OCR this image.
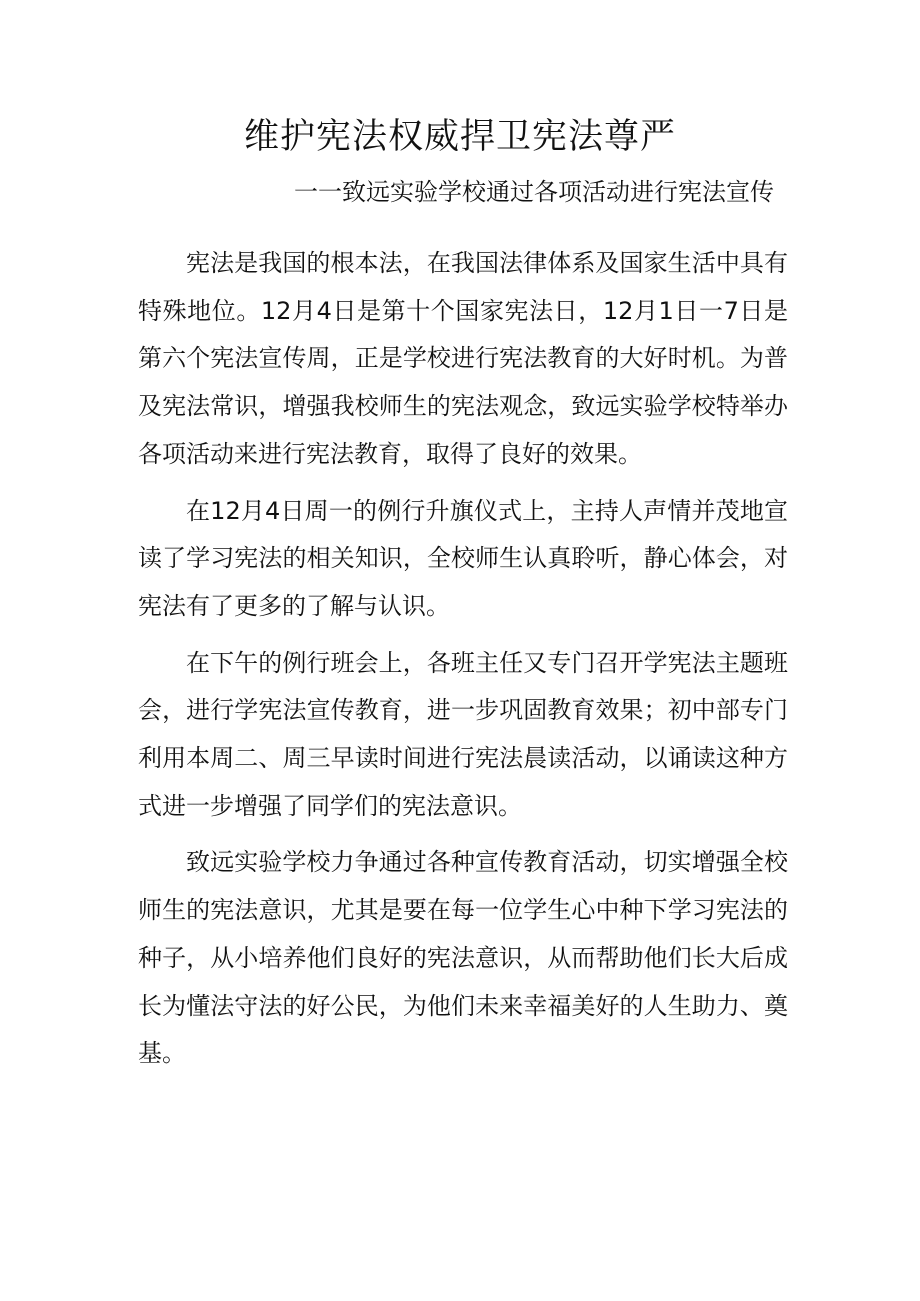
维护宪法权威捍卫宪法尊严
一一致远实验学校通过各项活动进行宪法宣传

宪法是我国的根本法，在我国法律体系及国家生活中具有特殊地位。12月4日是第十个国家宪法日，12月1日一7日是第六个宪法宣传周，正是学校进行宪法教育的大好时机。为普及宪法常识，增强我校师生的宪法观念，致远实验学校特举办各项活动来进行宪法教育，取得了良好的效果。

在12月4日周一的例行升旗仪式上，主持人声情并茂地宣读了学习宪法的相关知识，全校师生认真聆听，静心体会，对宪法有了更多的了解与认识。

在下午的例行班会上，各班主任又专门召开学宪法主题班会，进行学宪法宣传教育，进一步巩固教育效果；初中部专门利用本周二、周三早读时间进行宪法晨读活动，以诵读这种方式进一步增强了同学们的宪法意识。

致远实验学校力争通过各种宣传教育活动，切实增强全校师生的宪法意识，尤其是要在每一位学生心中种下学习宪法的种子，从小培养他们良好的宪法意识，从而帮助他们长大后成长为懂法守法的好公民，为他们未来幸福美好的人生助力、奠基。
